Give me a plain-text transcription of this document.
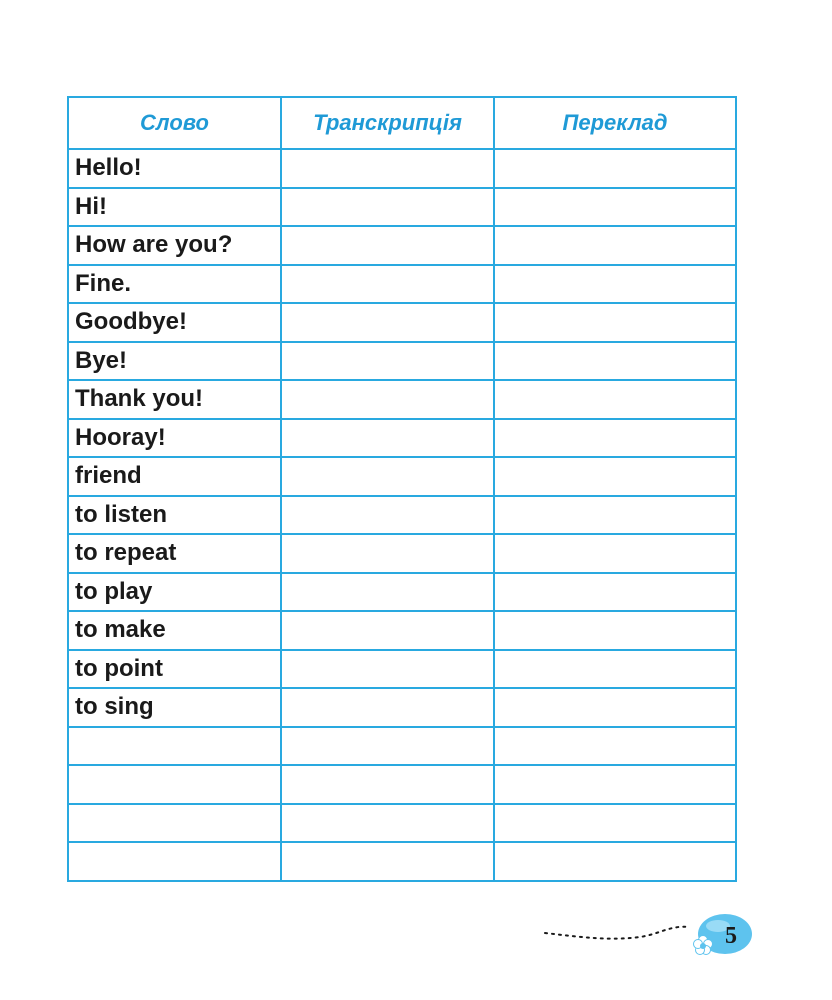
Слово	Транскрипція	Переклад
Hello!		
Hi!		
How are you?		
Fine.		
Goodbye!		
Bye!		
Thank you!		
Hooray!		
friend		
to listen		
to repeat		
to play		
to make		
to point		
to sing		

5
